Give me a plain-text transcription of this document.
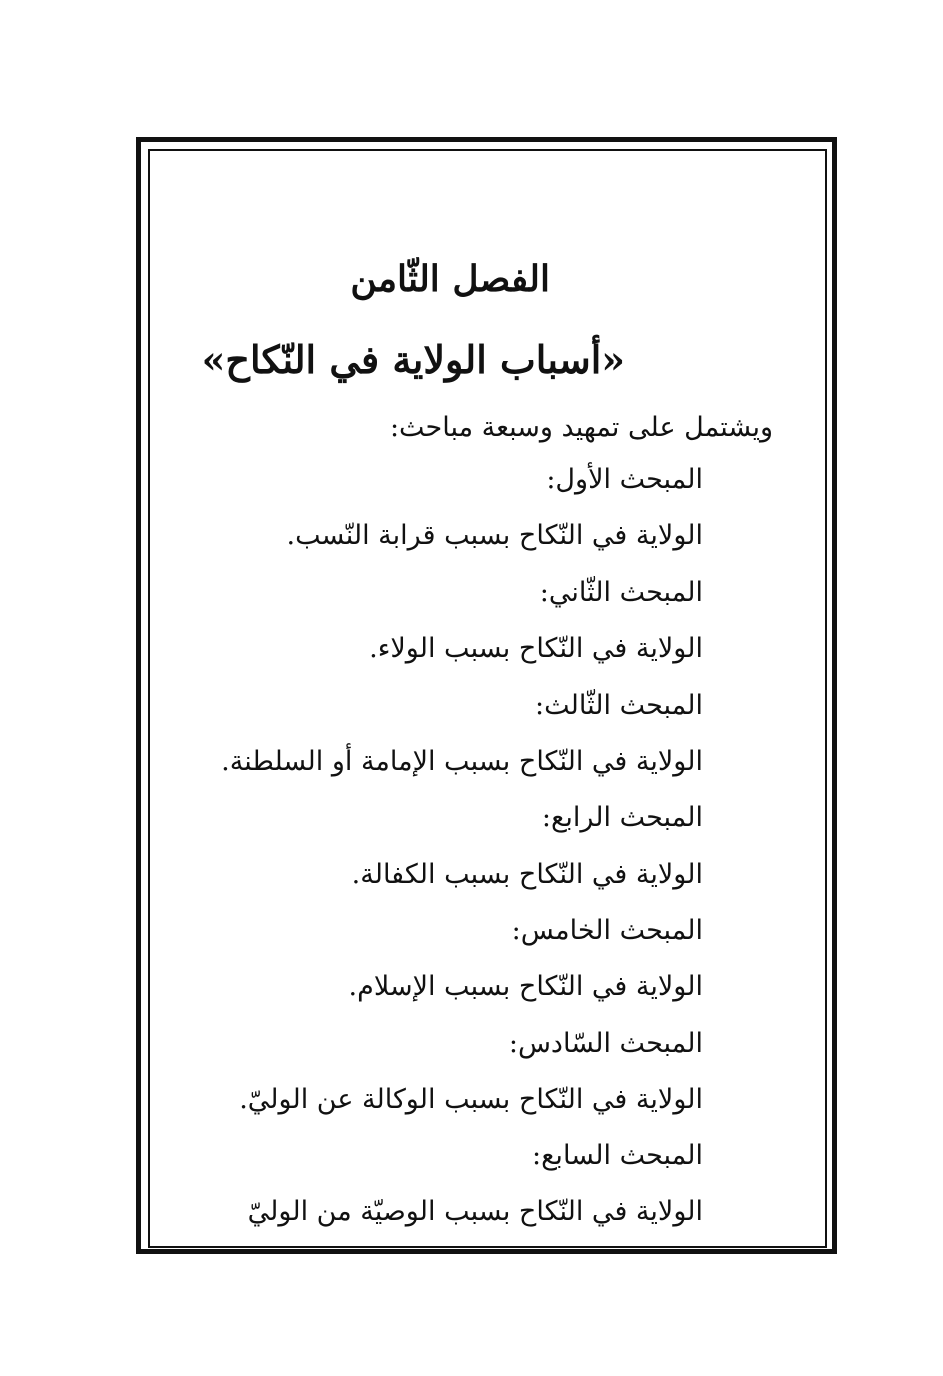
الفصل الثّامن
«أسباب الولاية في النّكاح»
ويشتمل على تمهيد وسبعة مباحث:
المبحث الأول:
الولاية في النّكاح بسبب قرابة النّسب.
المبحث الثّاني:
الولاية في النّكاح بسبب الولاء.
المبحث الثّالث:
الولاية في النّكاح بسبب الإمامة أو السلطنة.
المبحث الرابع:
الولاية في النّكاح بسبب الكفالة.
المبحث الخامس:
الولاية في النّكاح بسبب الإسلام.
المبحث السّادس:
الولاية في النّكاح بسبب الوكالة عن الوليّ.
المبحث السابع:
الولاية في النّكاح بسبب الوصيّة من الوليّ
